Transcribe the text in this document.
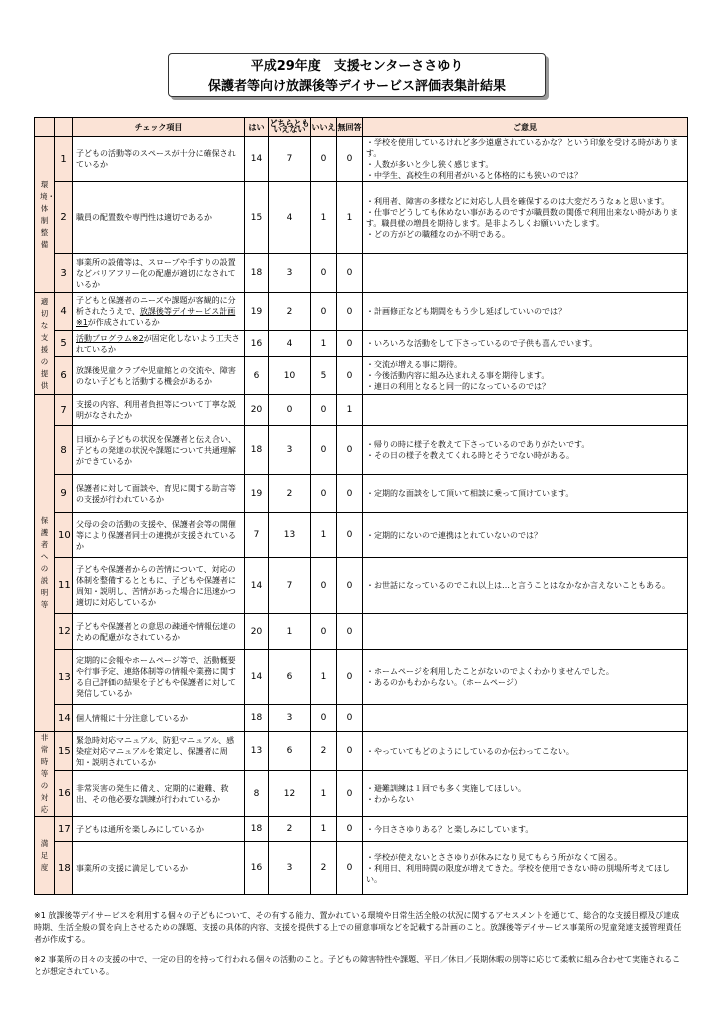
平成29年度　支援センターささゆり
保護者等向け放課後等デイサービス評価表集計結果
		チェック項目	はい	どちらとも いえない	いいえ	無回答	ご意見
環境・体制整備	1	子どもの活動等のスペースが十分に確保されているか	14	7	0	0	・学校を使用しているけれど多少遠慮されているかな？という印象を受ける時があります。
・人数が多いと少し狭く感じます。
・中学生、高校生の利用者がいると体格的にも狭いのでは？

	2	職員の配置数や専門性は適切であるか	15	4	1	1	・利用者、障害の多様などに対応し人員を確保するのは大変だろうなぁと思います。
・仕事でどうしても休めない事があるのですが職員数の関係で利用出来ない時があります。職員様の増員を期待します。是非よろしくお願いいたします。
・どの方がどの職種なのか不明である。

	3	事業所の設備等は、スロープや手すりの設置などバリアフリー化の配慮が適切になされているか	18	3	0	0	
適切な支援の提供	4	子どもと保護者のニーズや課題が客観的に分析されたうえで、放課後等デイサービス計画※1が作成されているか	19	2	0	0	・計画修正なども期間をもう少し延ばしていいのでは？

	5	活動プログラム※2が固定化しないよう工夫されているか	16	4	1	0	・いろいろな活動をして下さっているので子供も喜んでいます。

	6	放課後児童クラブや児童館との交流や、障害のない子どもと活動する機会があるか	6	10	5	0	・交流が増える事に期待。
・今後活動内容に組み込まれえる事を期待します。
・連日の利用となると同一的になっているのでは？

保護者への説明等	7	支援の内容、利用者負担等について丁寧な説明がなされたか	20	0	0	1	
	8	日頃から子どもの状況を保護者と伝え合い、子どもの発達の状況や課題について共通理解ができているか	18	3	0	0	・帰りの時に様子を教えて下さっているのでありがたいです。
・その日の様子を教えてくれる時とそうでない時がある。

	9	保護者に対して面談や、育児に関する助言等の支援が行われているか	19	2	0	0	・定期的な面談をして頂いて相談に乗って頂けています。

	10	父母の会の活動の支援や、保護者会等の開催等により保護者同士の連携が支援されているか	7	13	1	0	・定期的にないので連携はとれていないのでは？

	11	子どもや保護者からの苦情について、対応の体制を整備するとともに、子どもや保護者に周知・説明し、苦情があった場合に迅速かつ適切に対応しているか	14	7	0	0	・お世話になっているのでこれ以上は…と言うことはなかなか言えないこともある。

	12	子どもや保護者との意思の疎通や情報伝達のための配慮がなされているか	20	1	0	0	
	13	定期的に会報やホームページ等で、活動概要や行事予定、連絡体制等の情報や業務に関する自己評価の結果を子どもや保護者に対して発信しているか	14	6	1	0	・ホームページを利用したことがないのでよくわかりませんでした。
・あるのかもわからない。（ホームページ）

	14	個人情報に十分注意しているか	18	3	0	0	
非常時等の対応	15	緊急時対応マニュアル、防犯マニュアル、感染症対応マニュアルを策定し、保護者に周知・説明されているか	13	6	2	0	・やっていてもどのようにしているのか伝わってこない。

	16	非常災害の発生に備え、定期的に避難、救出、その他必要な訓練が行われているか	8	12	1	0	・避難訓練は１回でも多く実施してほしい。
・わからない

満足度	17	子どもは通所を楽しみにしているか	18	2	1	0	・今日ささゆりある？と楽しみにしています。

	18	事業所の支援に満足しているか	16	3	2	0	・学校が使えないとささゆりが休みになり見てもらう所がなくて困る。
・利用日、利用時間の限度が増えてきた。学校を使用できない時の別場所考えてほしい。

※1 放課後等デイサービスを利用する個々の子どもについて、その有する能力、置かれている環境や日常生活全般の状況に関するアセスメントを通じて、総合的な支援目標及び達成時期、生活全般の質を向上させるための課題、支援の具体的内容、支援を提供する上での留意事項などを記載する計画のこと。放課後等デイサービス事業所の児童発達支援管理責任者が作成する。

※2 事業所の日々の支援の中で、一定の目的を持って行われる個々の活動のこと。子どもの障害特性や課題、平日／休日／長期休暇の別等に応じて柔軟に組み合わせて実施されることが想定されている。
